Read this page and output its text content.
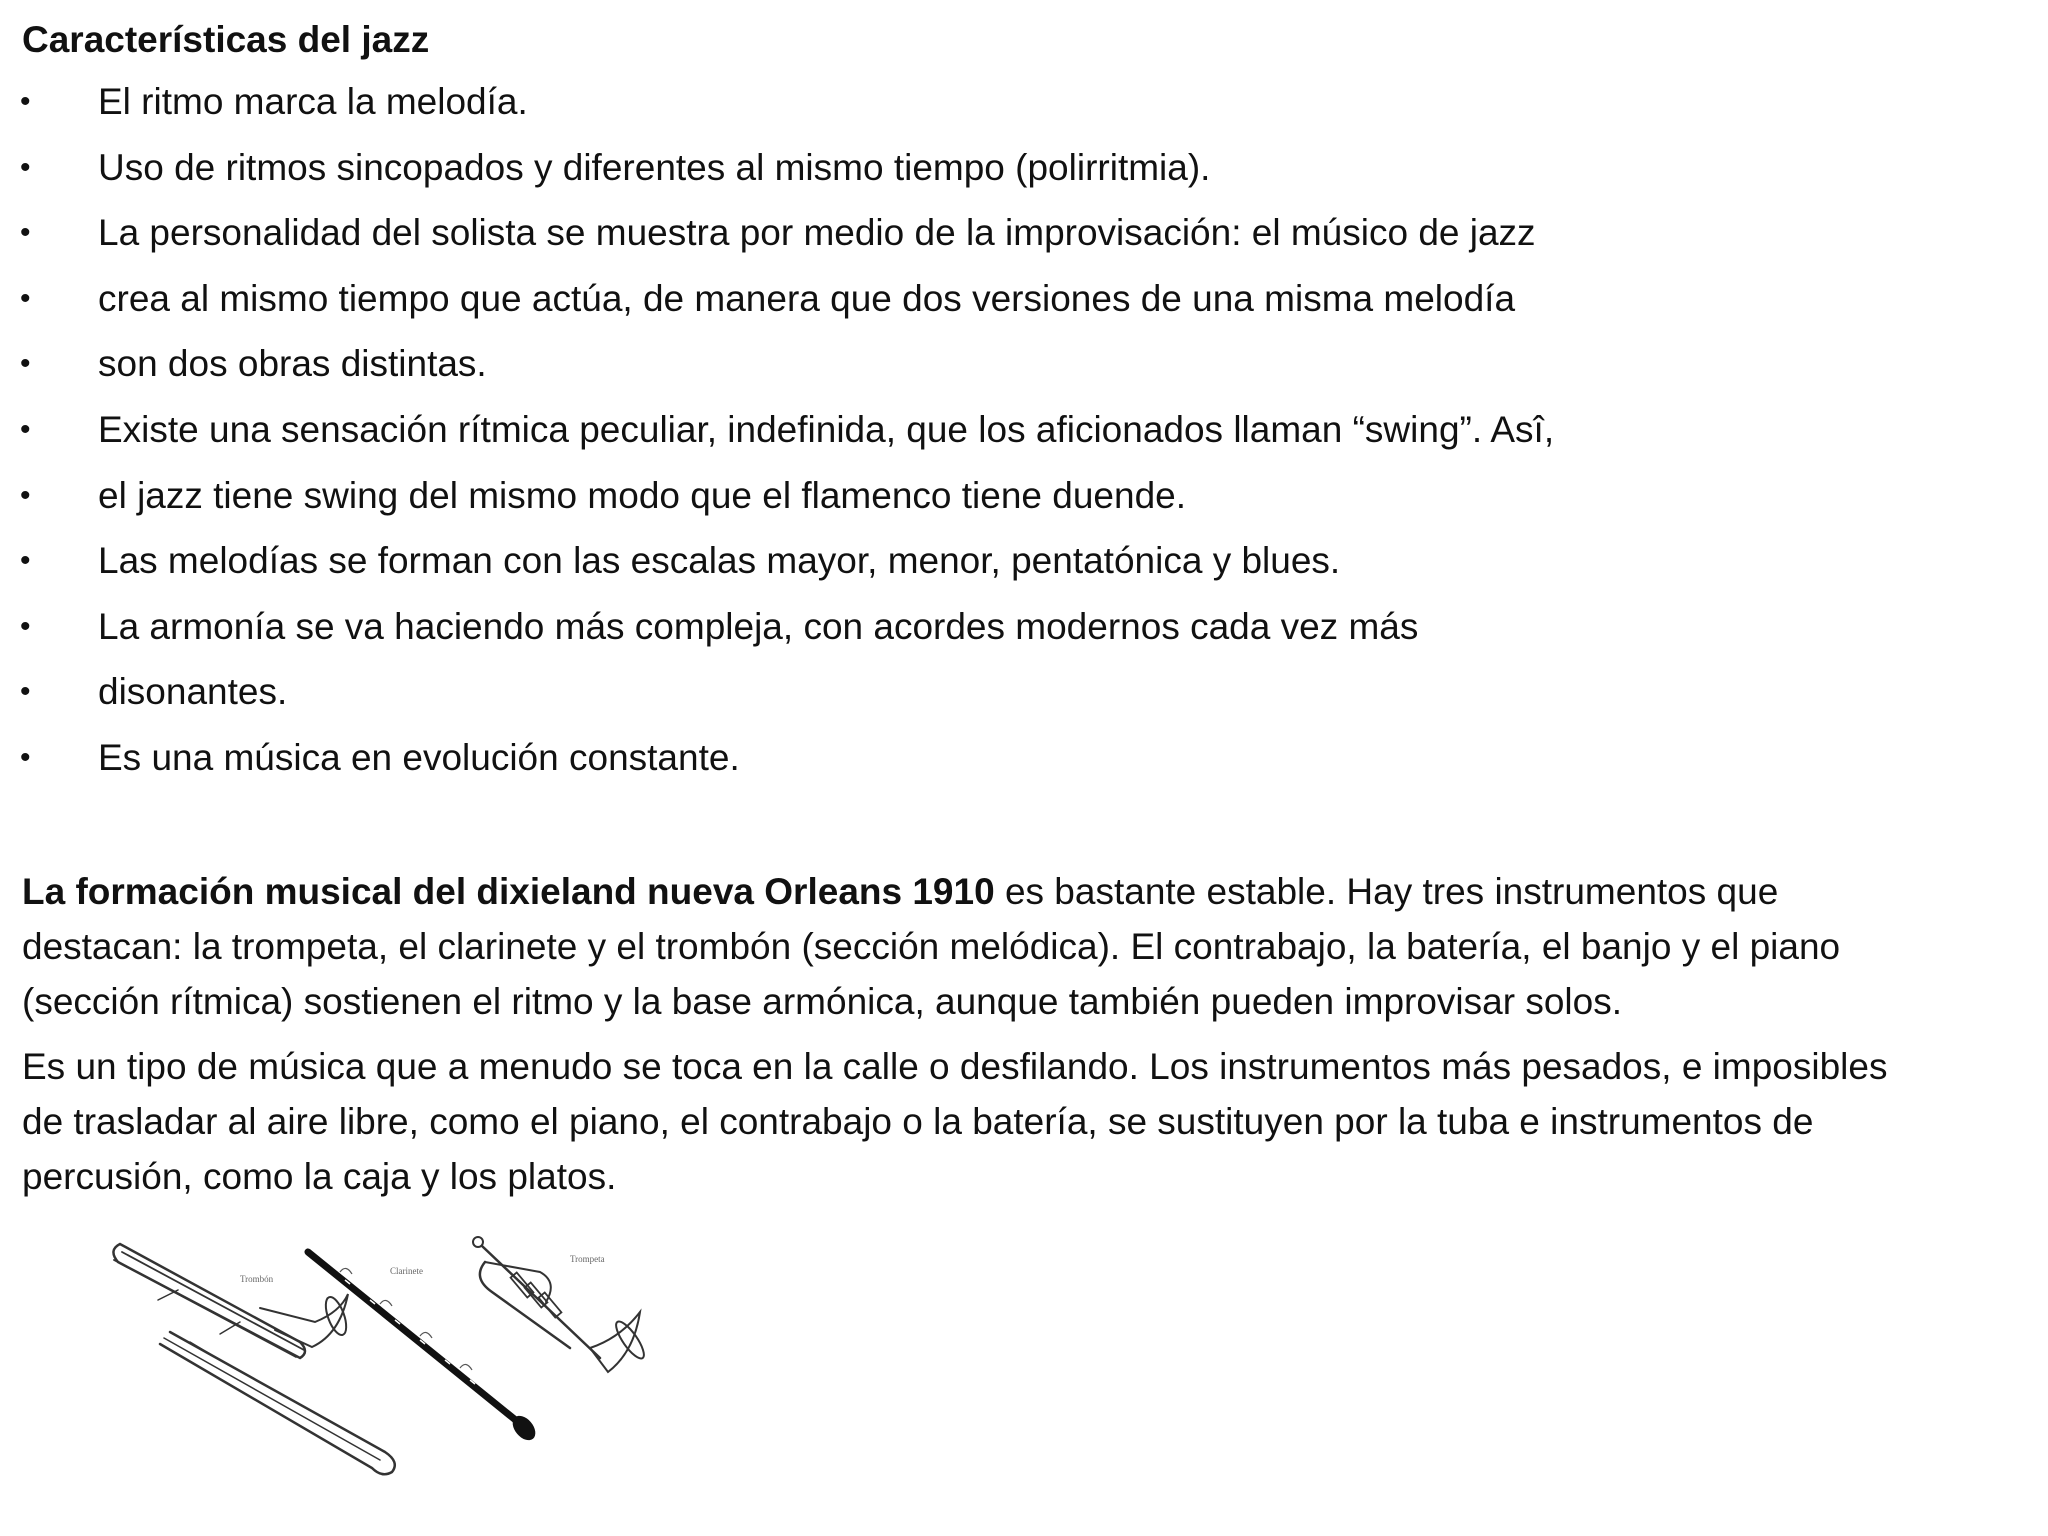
Características del jazz
• El ritmo marca la melodía.
• Uso de ritmos sincopados y diferentes al mismo tiempo (polirritmia).
• La personalidad del solista se muestra por medio de la improvisación: el músico de jazz
• crea al mismo tiempo que actúa, de manera que dos versiones de una misma melodía
• son dos obras distintas.
• Existe una sensación rítmica peculiar, indefinida, que los aficionados llaman “swing”. Asî,
• el jazz tiene swing del mismo modo que el flamenco tiene duende.
• Las melodías se forman con las escalas mayor, menor, pentatónica y blues.
• La armonía se va haciendo más compleja, con acordes modernos cada vez más
• disonantes.
• Es una música en evolución constante.

La formación musical del dixieland nueva Orleans 1910 es bastante estable. Hay tres instrumentos que
destacan: la trompeta, el clarinete y el trombón (sección melódica). El contrabajo, la batería, el banjo y el piano
(sección rítmica) sostienen el ritmo y la base armónica, aunque también pueden improvisar solos.

Es un tipo de música que a menudo se toca en la calle o desfilando. Los instrumentos más pesados, e imposibles
de trasladar al aire libre, como el piano, el contrabajo o la batería, se sustituyen por la tuba e instrumentos de
percusión, como la caja y los platos.

Trombón
Clarinete
Trompeta
